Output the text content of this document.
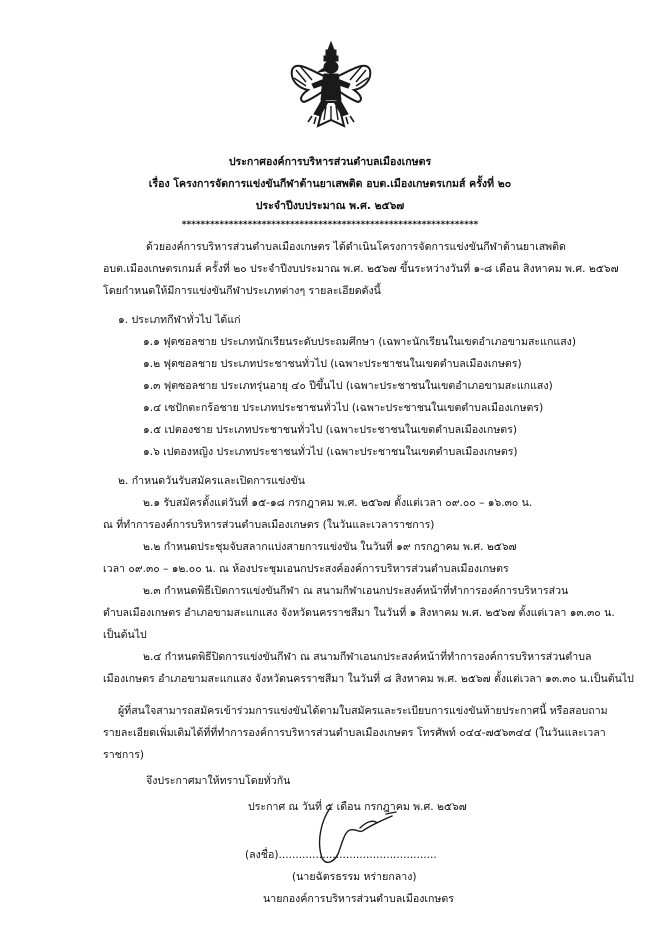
ประกาศองค์การบริหารส่วนตำบลเมืองเกษตร
เรื่อง โครงการจัดการแข่งขันกีฬาต้านยาเสพติด อบต.เมืองเกษตรเกมส์ ครั้งที่ ๒๐
ประจำปีงบประมาณ พ.ศ. ๒๕๖๗
***************************************************************
ด้วยองค์การบริหารส่วนตำบลเมืองเกษตร ได้ดำเนินโครงการจัดการแข่งขันกีฬาต้านยาเสพติด
อบต.เมืองเกษตรเกมส์ ครั้งที่ ๒๐ ประจำปีงบประมาณ พ.ศ. ๒๕๖๗ ขึ้นระหว่างวันที่ ๑-๘ เดือน สิงหาคม พ.ศ. ๒๕๖๗
โดยกำหนดให้มีการแข่งขันกีฬาประเภทต่างๆ รายละเอียดดังนี้
๑. ประเภทกีฬาทั่วไป ได้แก่
๑.๑ ฟุตซอลชาย ประเภทนักเรียนระดับประถมศึกษา (เฉพาะนักเรียนในเขตอำเภอขามสะแกแสง)
๑.๒ ฟุตซอลชาย ประเภทประชาชนทั่วไป (เฉพาะประชาชนในเขตตำบลเมืองเกษตร)
๑.๓ ฟุตซอลชาย ประเภทรุ่นอายุ ๔๐ ปีขึ้นไป (เฉพาะประชาชนในเขตอำเภอขามสะแกแสง)
๑.๔ เซปักตะกร้อชาย ประเภทประชาชนทั่วไป (เฉพาะประชาชนในเขตตำบลเมืองเกษตร)
๑.๕ เปตองชาย ประเภทประชาชนทั่วไป (เฉพาะประชาชนในเขตตำบลเมืองเกษตร)
๑.๖ เปตองหญิง ประเภทประชาชนทั่วไป (เฉพาะประชาชนในเขตตำบลเมืองเกษตร)
๒. กำหนดวันรับสมัครและเปิดการแข่งขัน
๒.๑ รับสมัครตั้งแต่วันที่ ๑๕-๑๘ กรกฎาคม พ.ศ. ๒๕๖๗ ตั้งแต่เวลา ๐๙.๐๐ – ๑๖.๓๐ น.
ณ ที่ทำการองค์การบริหารส่วนตำบลเมืองเกษตร (ในวันและเวลาราชการ)
๒.๒ กำหนดประชุมจับสลากแบ่งสายการแข่งขัน ในวันที่ ๑๙ กรกฎาคม พ.ศ. ๒๕๖๗
เวลา ๐๙.๓๐ – ๑๒.๐๐ น. ณ ห้องประชุมเอนกประสงค์องค์การบริหารส่วนตำบลเมืองเกษตร
๒.๓ กำหนดพิธีเปิดการแข่งขันกีฬา ณ สนามกีฬาเอนกประสงค์หน้าที่ทำการองค์การบริหารส่วน
ตำบลเมืองเกษตร อำเภอขามสะแกแสง จังหวัดนครราชสีมา ในวันที่ ๑ สิงหาคม พ.ศ. ๒๕๖๗ ตั้งแต่เวลา ๑๓.๓๐ น.
เป็นต้นไป
๒.๔ กำหนดพิธีปิดการแข่งขันกีฬา ณ สนามกีฬาเอนกประสงค์หน้าที่ทำการองค์การบริหารส่วนตำบล
เมืองเกษตร อำเภอขามสะแกแสง จังหวัดนครราชสีมา ในวันที่ ๘ สิงหาคม พ.ศ. ๒๕๖๗ ตั้งแต่เวลา ๑๓.๓๐ น.เป็นต้นไป
ผู้ที่สนใจสามารถสมัครเข้าร่วมการแข่งขันได้ตามใบสมัครและระเบียบการแข่งขันท้ายประกาศนี้ หรือสอบถาม
รายละเอียดเพิ่มเติมได้ที่ที่ทำการองค์การบริหารส่วนตำบลเมืองเกษตร โทรศัพท์ ๐๔๔-๗๕๖๓๔๔ (ในวันและเวลา
ราชการ)
จึงประกาศมาให้ทราบโดยทั่วกัน
ประกาศ ณ วันที่ ๕ เดือน กรกฎาคม พ.ศ. ๒๕๖๗
(ลงชื่อ)...............................................
(นายฉัตรธรรม หร่ายกลาง)
นายกองค์การบริหารส่วนตำบลเมืองเกษตร
